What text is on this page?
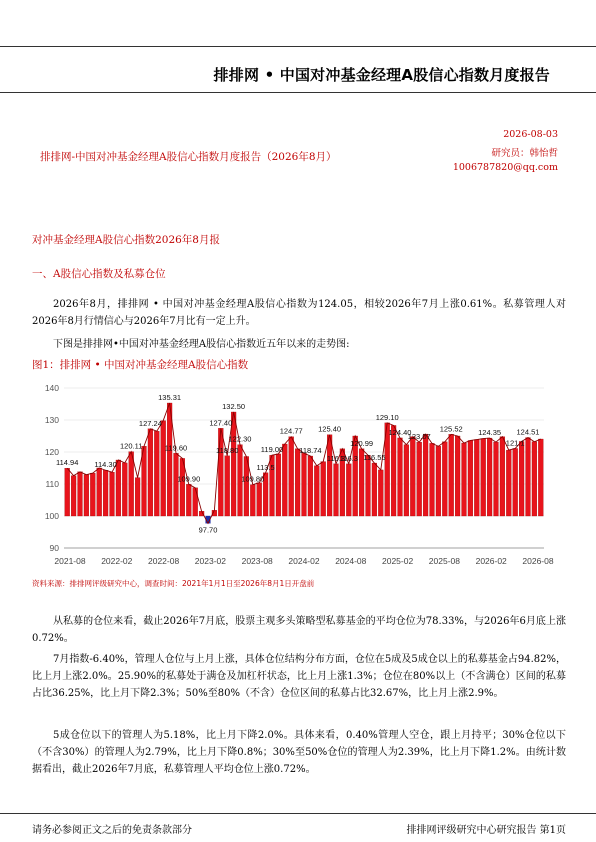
排排网 • 中国对冲基金经理A股信心指数月度报告
2026-08-03
研究员：韩怡哲
1006787820@qq.com
排排网-中国对冲基金经理A股信心指数月度报告（2026年8月）
对冲基金经理A股信心指数2026年8月报
一、A股信心指数及私募仓位

2026年8月，排排网 • 中国对冲基金经理A股信心指数为124.05，相较2026年7月上涨0.61%。私募管理人对2026年8月行情信心与2026年7月比有一定上升。

下图是排排网•中国对冲基金经理A股信心指数近五年以来的走势图:

图1：排排网 • 中国对冲基金经理A股信心指数
90
100
110
120
130
140
114.94 114.30
120.11
127.24
135.31
119.60
109.90
97.70
127.40
118.80
132.50
122.30
109.80
113.5
119.00
124.77
118.74
125.40
116.3
116.3
120.99
116.55
129.10
124.40
123.07
125.52 124.35
121.1
124.51
2021-08 2022-02 2022-08 2023-02 2023-08 2024-02 2024-08 2025-02 2025-08 2026-02 2026-08
资料来源：排排网评级研究中心，调查时间：2021年1月1日至2026年8月1日开盘前

从私募的仓位来看，截止2026年7月底，股票主观多头策略型私募基金的平均仓位为78.33%，与2026年6月底上涨0.72%。

7月指数-6.40%，管理人仓位与上月上涨，具体仓位结构分布方面，仓位在5成及5成仓以上的私募基金占94.82%，比上月上涨2.0%。25.90%的私募处于满仓及加杠杆状态，比上月上涨1.3%；仓位在80%以上（不含满仓）区间的私募占比36.25%，比上月下降2.3%；50%至80%（不含）仓位区间的私募占比32.67%，比上月上涨2.9%。

5成仓位以下的管理人为5.18%，比上月下降2.0%。具体来看，0.40%管理人空仓，跟上月持平；30%仓位以下（不含30%）的管理人为2.79%，比上月下降0.8%；30%至50%仓位的管理人为2.39%，比上月下降1.2%。由统计数据看出，截止2026年7月底，私募管理人平均仓位上涨0.72%。

请务必参阅正文之后的免责条款部分	排排网评级研究中心研究报告 第1页
